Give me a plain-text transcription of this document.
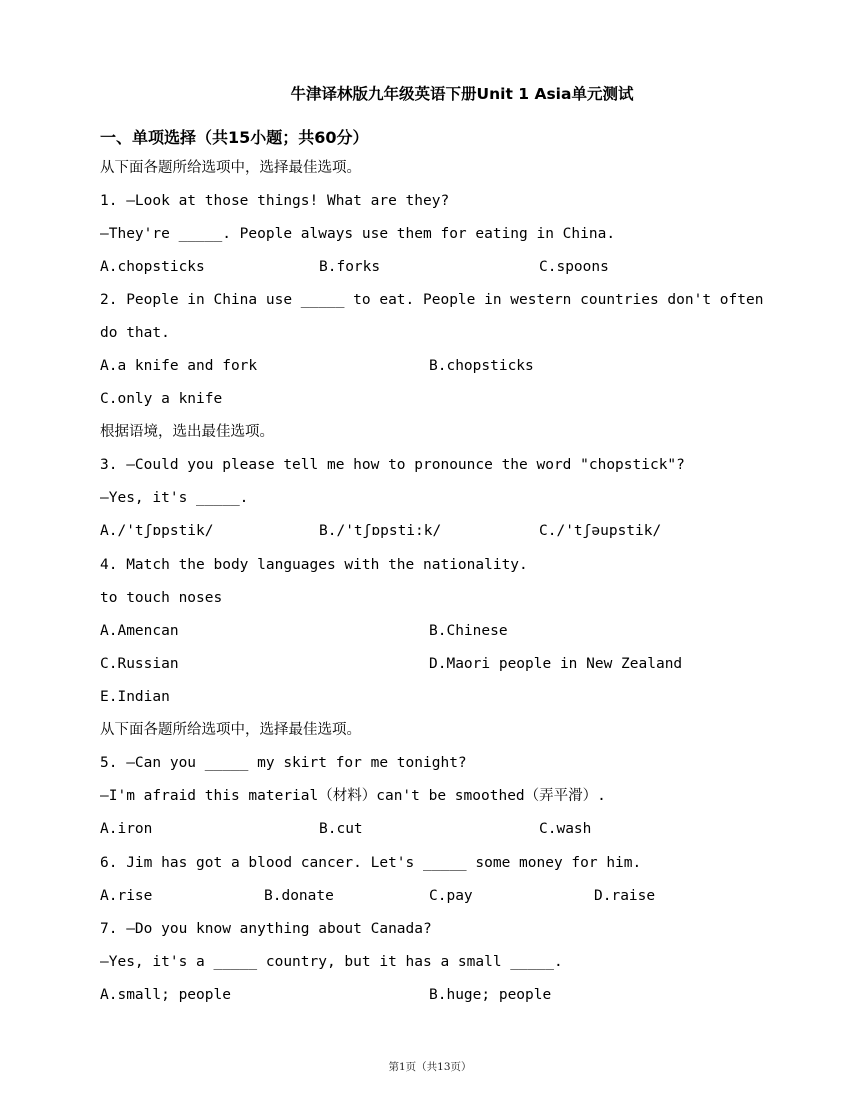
牛津译林版九年级英语下册Unit 1 Asia单元测试
一、单项选择（共15小题；共60分）
从下面各题所给选项中，选择最佳选项。
1. —Look at those things! What are they?
—They're _____. People always use them for eating in China.
A.chopsticks	B.forks	C.spoons
2. People in China use _____ to eat. People in western countries don't often
do that.
A.a knife and fork	B.chopsticks
C.only a knife
根据语境，选出最佳选项。
3. —Could you please tell me how to pronounce the word "chopstick"?
—Yes, it's _____.
A./'tʃɒpstik/	B./'tʃɒpsti:k/	C./'tʃəupstik/
4. Match the body languages with the nationality.
to touch noses
A.Amencan	B.Chinese
C.Russian	D.Maori people in New Zealand
E.Indian
从下面各题所给选项中，选择最佳选项。
5. —Can you _____ my skirt for me tonight?
—I'm afraid this material（材料）can't be smoothed（弄平滑）.
A.iron	B.cut	C.wash
6. Jim has got a blood cancer. Let's _____ some money for him.
A.rise	B.donate	C.pay	D.raise
7. —Do you know anything about Canada?
—Yes, it's a _____ country, but it has a small _____.
A.small; people	B.huge; people
第1页（共13页）
